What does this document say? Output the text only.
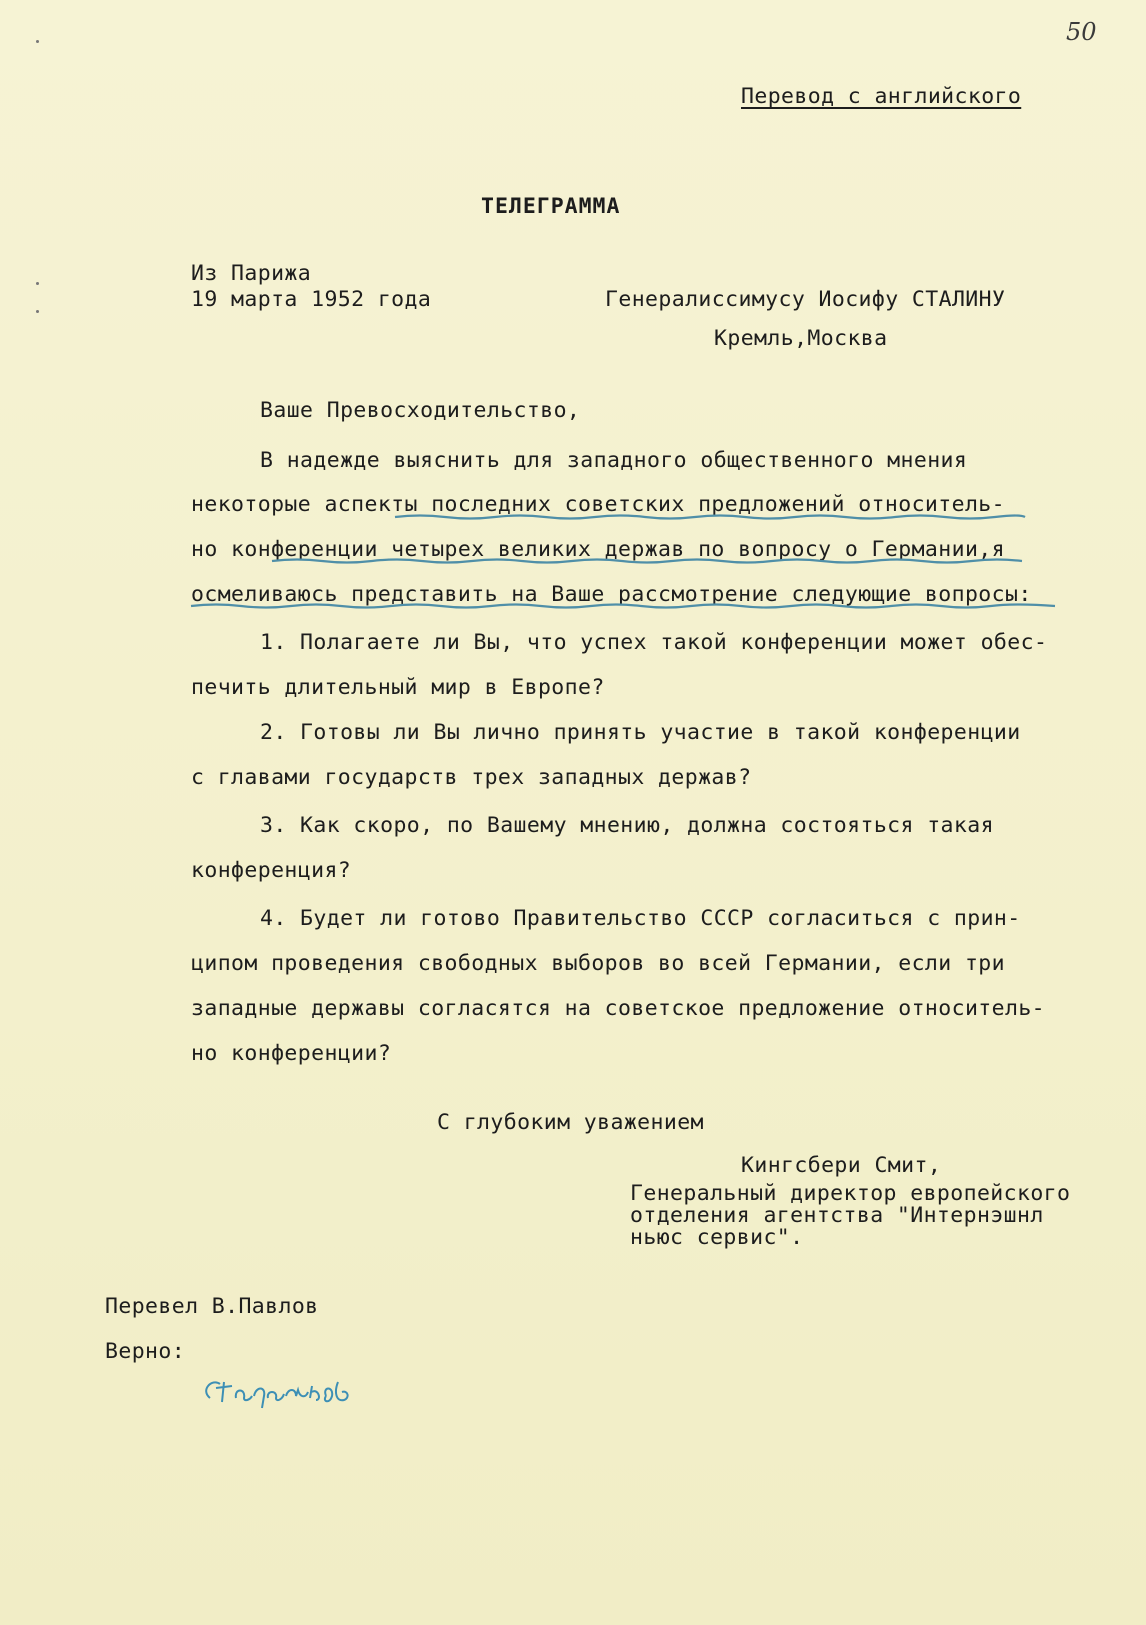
50
Перевод с английского
ТЕЛЕГРАММА
Из Парижа
19 марта 1952 года	Генералиссимусу Иосифу СТАЛИНУ
Кремль,Москва
Ваше Превосходительство,
В надежде выяснить для западного общественного мнения
некоторые аспекты последних советских предложений относитель-
но конференции четырех великих держав по вопросу о Германии,я
осмеливаюсь представить на Ваше рассмотрение следующие вопросы:
1. Полагаете ли Вы, что успех такой конференции может обес-
печить длительный мир в Европе?
2. Готовы ли Вы лично принять участие в такой конференции
с главами государств трех западных держав?
3. Как скоро, по Вашему мнению, должна состояться такая
конференция?
4. Будет ли готово Правительство СССР согласиться с прин-
ципом проведения свободных выборов во всей Германии, если три
западные державы согласятся на советское предложение относитель-
но конференции?
С глубоким уважением
Кингсбери Смит,
Генеральный директор европейского
отделения агентства "Интернэшнл
ньюс сервис".
Перевел В.Павлов
Верно:
